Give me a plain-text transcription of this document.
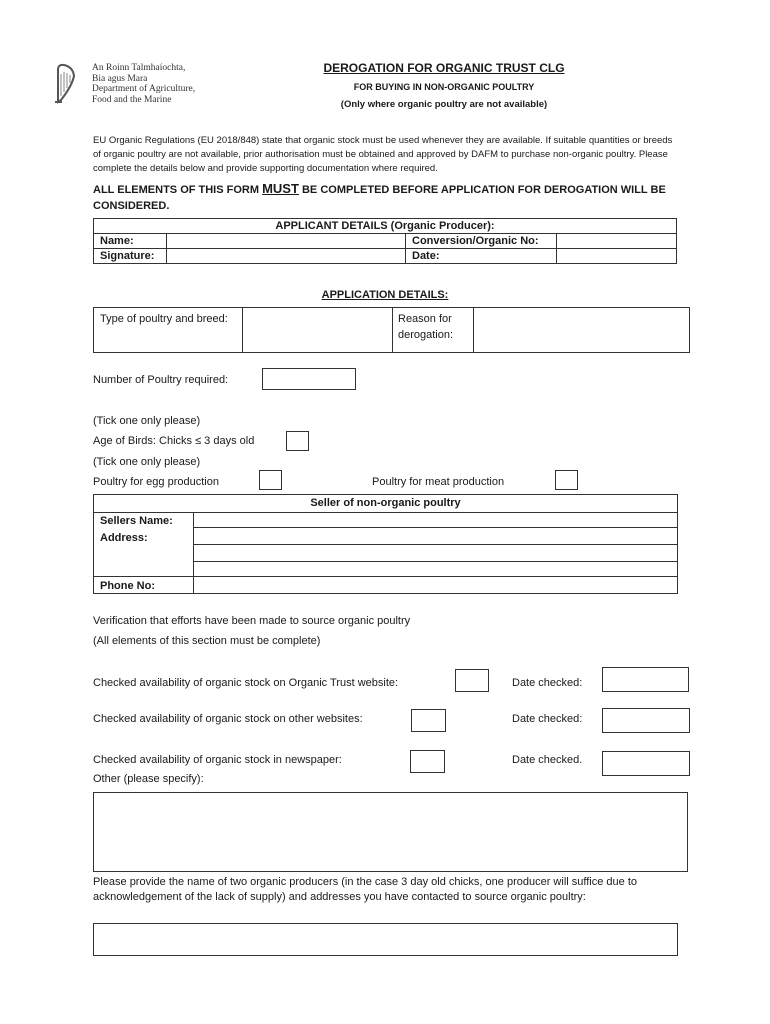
An Roinn Talmhaíochta,
Bia agus Mara
Department of Agriculture,
Food and the Marine
DEROGATION FOR ORGANIC TRUST CLG
FOR BUYING IN NON-ORGANIC POULTRY
(Only where organic poultry are not available)
EU Organic Regulations (EU 2018/848) state that organic stock must be used whenever they are available. If suitable quantities or breeds of organic poultry are not available, prior authorisation must be obtained and approved by DAFM to purchase non-organic poultry. Please complete the details below and provide supporting documentation where required.
ALL ELEMENTS OF THIS FORM MUST BE COMPLETED BEFORE APPLICATION FOR DEROGATION WILL BE CONSIDERED.
APPLICANT DETAILS (Organic Producer):			
Name:		Conversion/Organic No:	
Signature:		Date:	
APPLICATION DETAILS:
Type of poultry and breed:	Reason for derogation:
Number of Poultry required:
(Tick one only please)
Age of Birds: Chicks ≤ 3 days old
(Tick one only please)
Poultry for egg production	Poultry for meat production
Seller of non-organic poultry
Sellers Name:
Address:
Phone No:
Verification that efforts have been made to source organic poultry
(All elements of this section must be complete)
Checked availability of organic stock on Organic Trust website:	Date checked:
Checked availability of organic stock on other websites:	Date checked:
Checked availability of organic stock in newspaper:	Date checked.
Other (please specify):
Please provide the name of two organic producers (in the case 3 day old chicks, one producer will suffice due to acknowledgement of the lack of supply) and addresses you have contacted to source organic poultry:
